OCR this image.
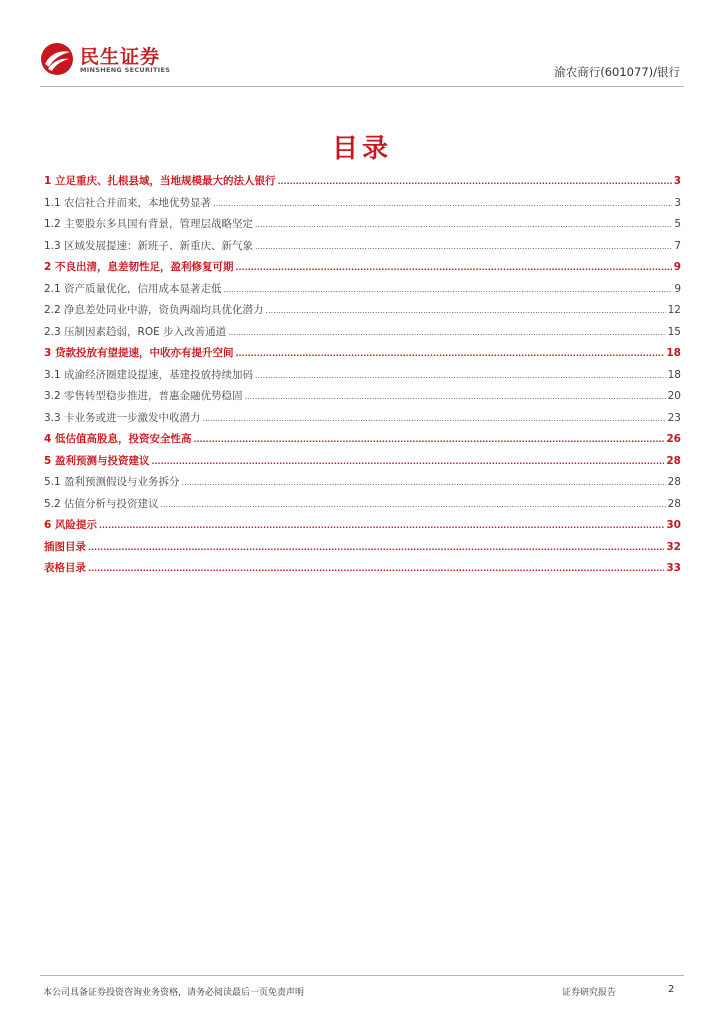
民生证券
MINSHENG SECURITIES	渝农商行(601077)/银行
目录
1 立足重庆、扎根县域，当地规模最大的法人银行 .....	3
1.1 农信社合并而来，本地优势显著 .....	3
1.2 主要股东多具国有背景，管理层战略坚定 .....	5
1.3 区域发展提速：新班子、新重庆、新气象 .....	7
2 不良出清，息差韧性足，盈利修复可期 .....	9
2.1 资产质量优化，信用成本显著走低 .....	9
2.2 净息差处同业中游，资负两端均具优化潜力 .....	12
2.3 压制因素趋弱，ROE 步入改善通道 .....	15
3 贷款投放有望提速，中收亦有提升空间 .....	18
3.1 成渝经济圈建设提速，基建投放持续加码 .....	18
3.2 零售转型稳步推进，普惠金融优势稳固 .....	20
3.3 卡业务或进一步激发中收潜力 .....	23
4 低估值高股息，投资安全性高 .....	26
5 盈利预测与投资建议 .....	28
5.1 盈利预测假设与业务拆分 .....	28
5.2 估值分析与投资建议 .....	28
6 风险提示 .....	30
插图目录 .....	32
表格目录 .....	33
本公司具备证券投资咨询业务资格，请务必阅读最后一页免责声明	证券研究报告	2
